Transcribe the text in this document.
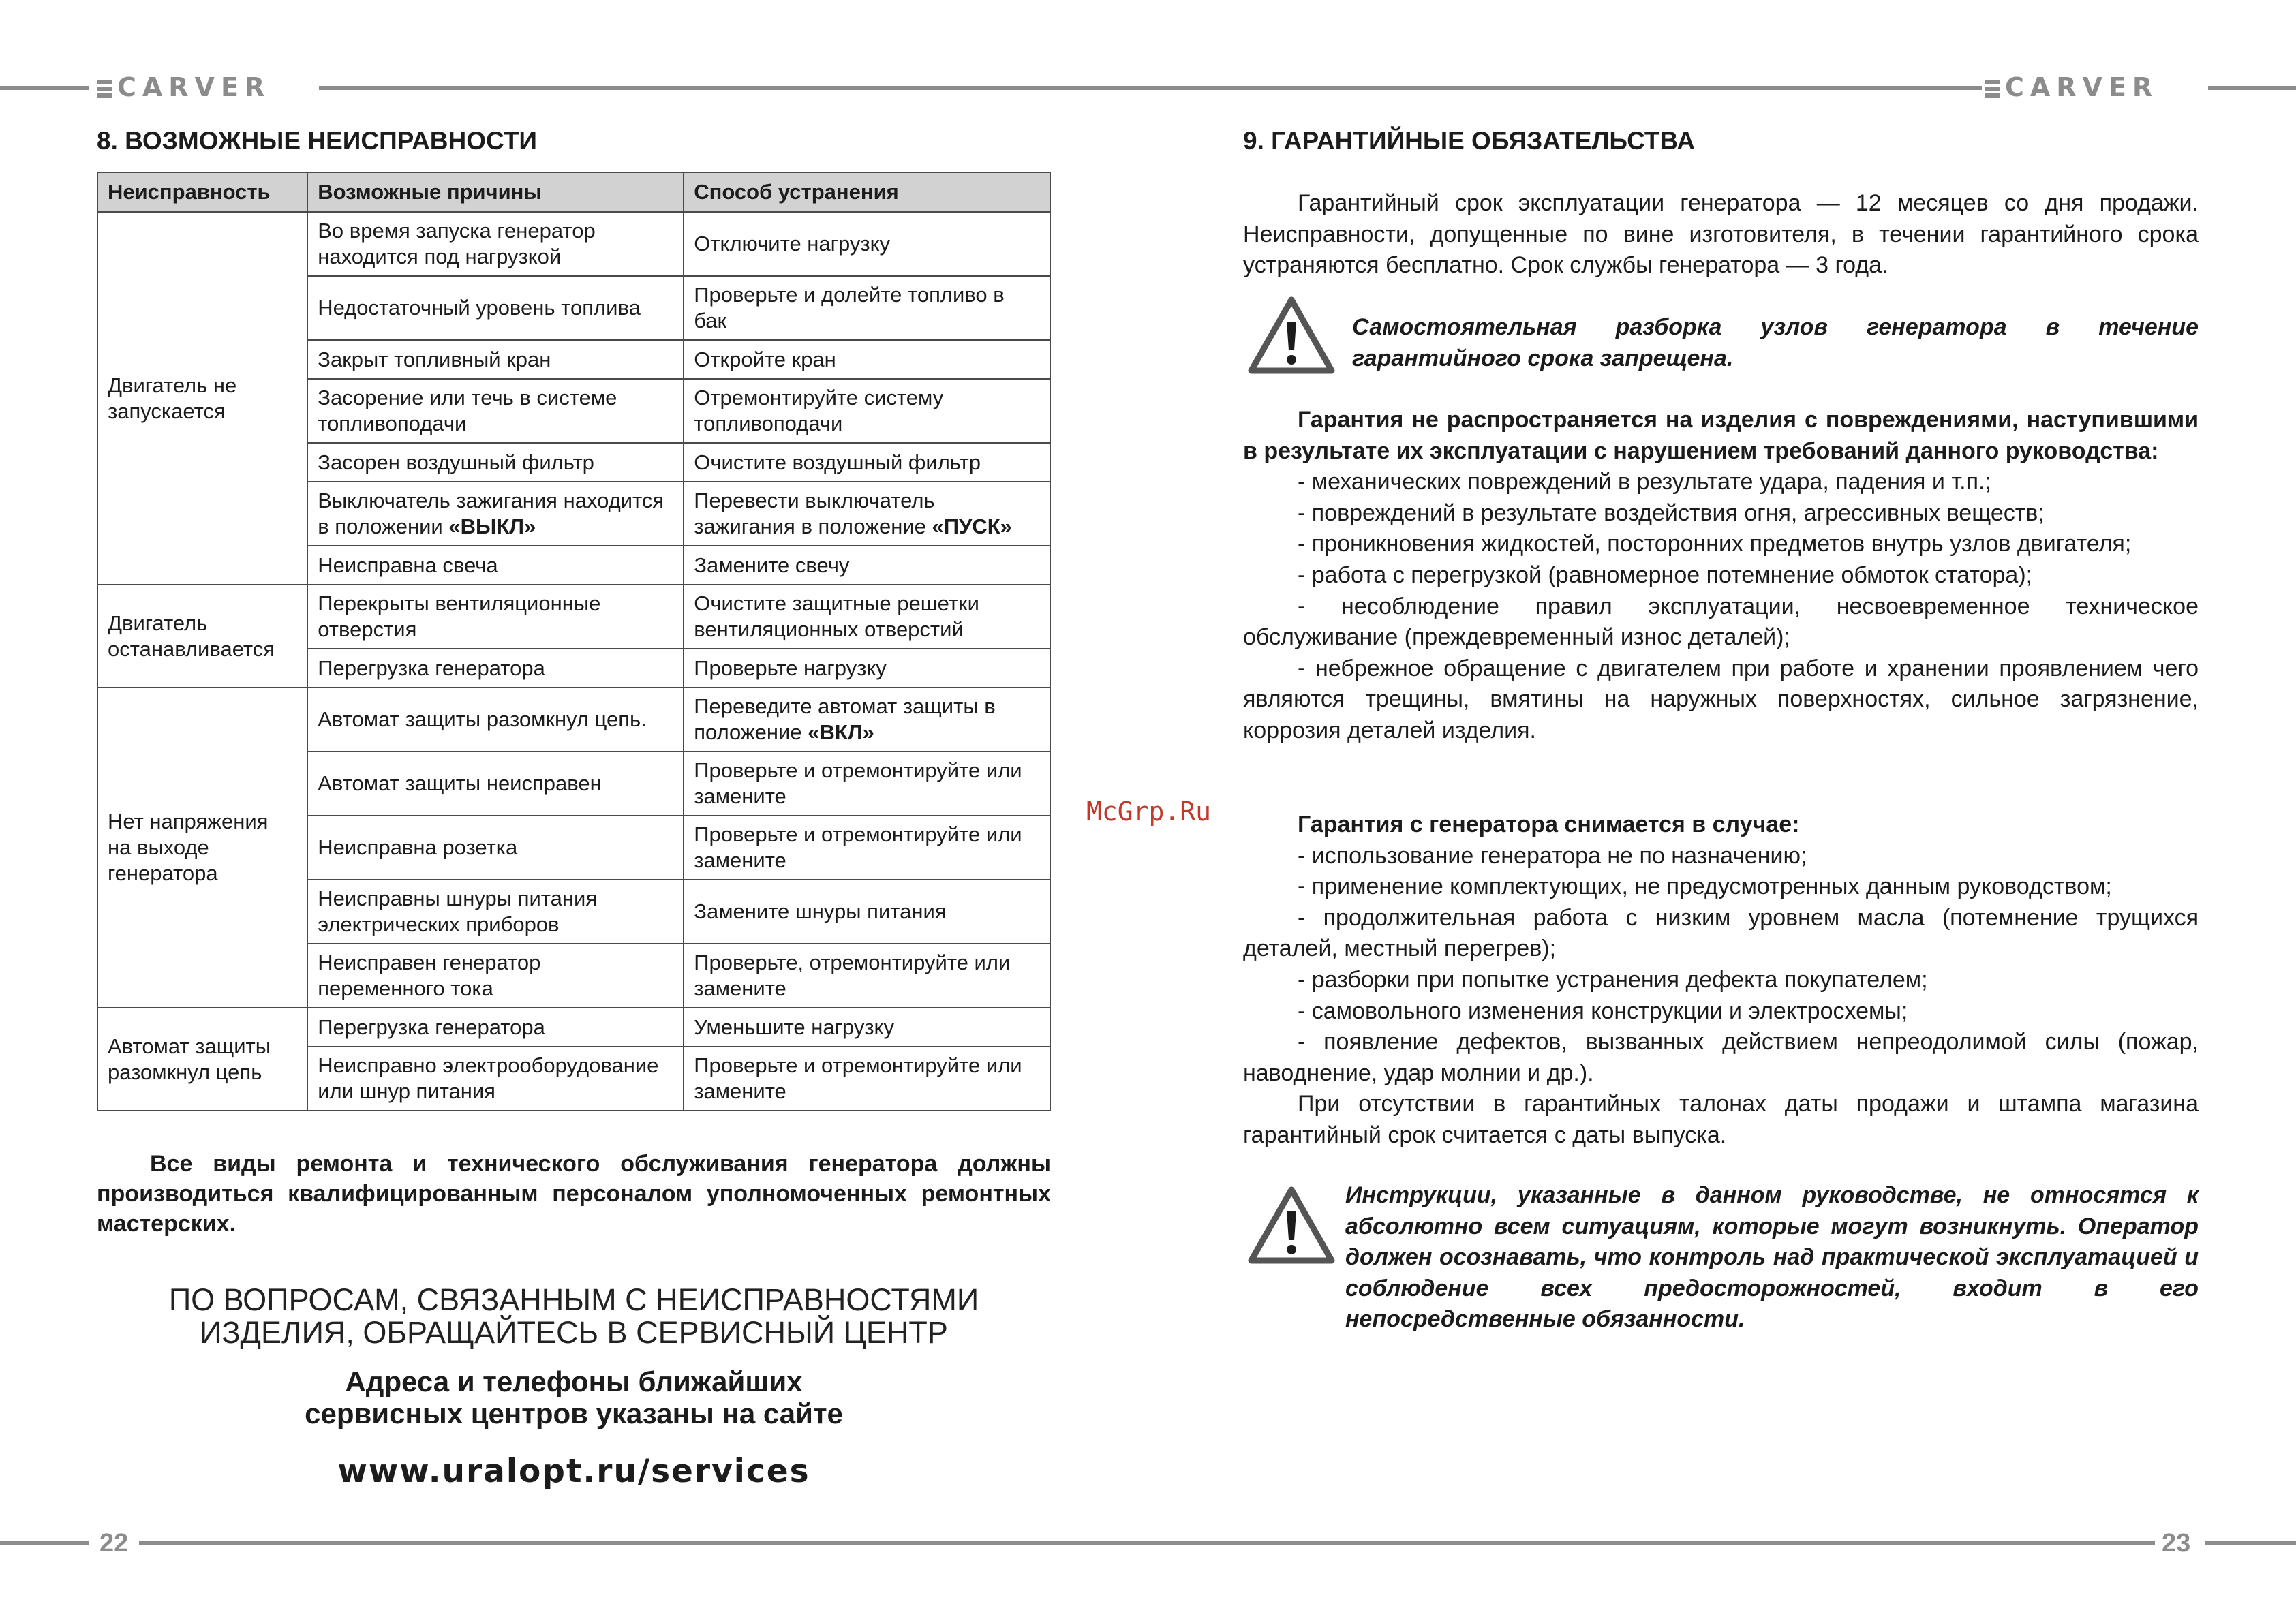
CARVER	CARVER
8. ВОЗМОЖНЫЕ НЕИСПРАВНОСТИ
Неисправность	Возможные причины	Способ устранения

Двигатель не запускается	Во время запуска генератор находится под нагрузкой	Отключите нагрузку
	Недостаточный уровень топлива	Проверьте и долейте топливо в бак
	Закрыт топливный кран	Откройте кран
	Засорение или течь в системе топливоподачи	Отремонтируйте систему топливоподачи
	Засорен воздушный фильтр	Очистите воздушный фильтр
	Выключатель зажигания находится в положении «ВЫКЛ»	Перевести выключатель зажигания в положение «ПУСК»
	Неисправна свеча	Замените свечу
Двигатель останавливается	Перекрыты вентиляционные отверстия	Очистите защитные решетки вентиляционных отверстий
	Перегрузка генератора	Проверьте нагрузку

Нет напряжения на выходе генератора	Автомат защиты разомкнул цепь.	Переведите автомат защиты в положение «ВКЛ»
	Автомат защиты неисправен	Проверьте и отремонтируйте или замените
	Неисправна розетка	Проверьте и отремонтируйте или замените
	Неисправны шнуры питания электрических приборов	Замените шнуры питания
	Неисправен генератор переменного тока	Проверьте, отремонтируйте или замените

Автомат защиты разомкнул цепь	Перегрузка генератора	Уменьшите нагрузку
	Неисправно электрооборудование или шнур питания	Проверьте и отремонтируйте или замените
Все виды ремонта и технического обслуживания генератора должны производиться квалифицированным персоналом уполномоченных ремонтных мастерских.
ПО ВОПРОСАМ, СВЯЗАННЫМ С НЕИСПРАВНОСТЯМИ
ИЗДЕЛИЯ, ОБРАЩАЙТЕСЬ В СЕРВИСНЫЙ ЦЕНТР
Адреса и телефоны ближайших
сервисных центров указаны на сайте
www.uralopt.ru/services
McGrp.Ru
9. ГАРАНТИЙНЫЕ ОБЯЗАТЕЛЬСТВА

Гарантийный срок эксплуатации генератора — 12 месяцев со дня продажи. Неисправности, допущенные по вине изготовителя, в течении гарантийного срока устраняются бесплатно. Срок службы генератора — 3 года.

Самостоятельная разборка узлов генератора в течение гарантийного срока запрещена.

Гарантия не распространяется на изделия с повреждениями, наступившими в результате их эксплуатации с нарушением требований данного руководства:

- механических повреждений в результате удара, падения и т.п.;

- повреждений в результате воздействия огня, агрессивных веществ;

- проникновения жидкостей, посторонних предметов внутрь узлов двигателя;

- работа с перегрузкой (равномерное потемнение обмоток статора);

- несоблюдение правил эксплуатации, несвоевременное техническое обслуживание (преждевременный износ деталей);

- небрежное обращение с двигателем при работе и хранении проявлением чего являются трещины, вмятины на наружных поверхностях, сильное загрязнение, коррозия деталей изделия.

Гарантия с генератора снимается в случае:

- использование генератора не по назначению;

- применение комплектующих, не предусмотренных данным руководством;

- продолжительная работа с низким уровнем масла (потемнение трущихся деталей, местный перегрев);

- разборки при попытке устранения дефекта покупателем;

- самовольного изменения конструкции и электросхемы;

- появление дефектов, вызванных действием непреодолимой силы (пожар, наводнение, удар молнии и др.).

При отсутствии в гарантийных талонах даты продажи и штампа магазина гарантийный срок считается с даты выпуска.

Инструкции, указанные в данном руководстве, не относятся к абсолютно всем ситуациям, которые могут возникнуть. Оператор должен осознавать, что контроль над практической эксплуатацией и соблюдение всех предосторожностей, входит в его непосредственные обязанности.

22	23
